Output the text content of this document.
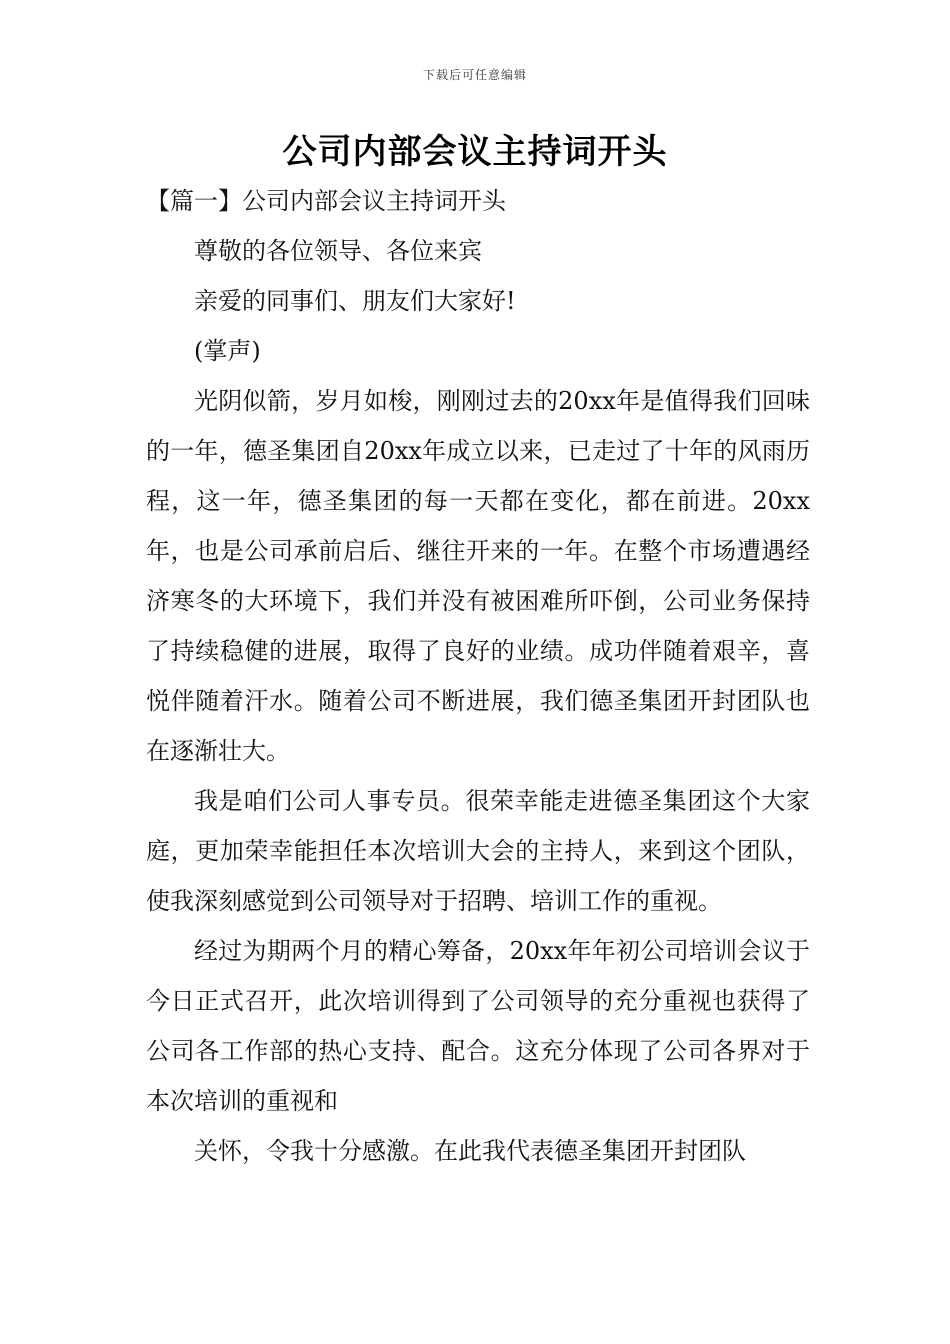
下载后可任意编辑
公司内部会议主持词开头

【篇一】公司内部会议主持词开头

尊敬的各位领导、各位来宾

亲爱的同事们、朋友们大家好!

(掌声)

光阴似箭，岁月如梭，刚刚过去的20xx年是值得我们回味的一年，德圣集团自20xx年成立以来，已走过了十年的风雨历程，这一年，德圣集团的每一天都在变化，都在前进。20xx年，也是公司承前启后、继往开来的一年。在整个市场遭遇经济寒冬的大环境下，我们并没有被困难所吓倒，公司业务保持了持续稳健的进展，取得了良好的业绩。成功伴随着艰辛，喜悦伴随着汗水。随着公司不断进展，我们德圣集团开封团队也在逐渐壮大。

我是咱们公司人事专员。很荣幸能走进德圣集团这个大家庭，更加荣幸能担任本次培训大会的主持人，来到这个团队，使我深刻感觉到公司领导对于招聘、培训工作的重视。

经过为期两个月的精心筹备，20xx年年初公司培训会议于今日正式召开，此次培训得到了公司领导的充分重视也获得了公司各工作部的热心支持、配合。这充分体现了公司各界对于本次培训的重视和

关怀，令我十分感激。在此我代表德圣集团开封团队
